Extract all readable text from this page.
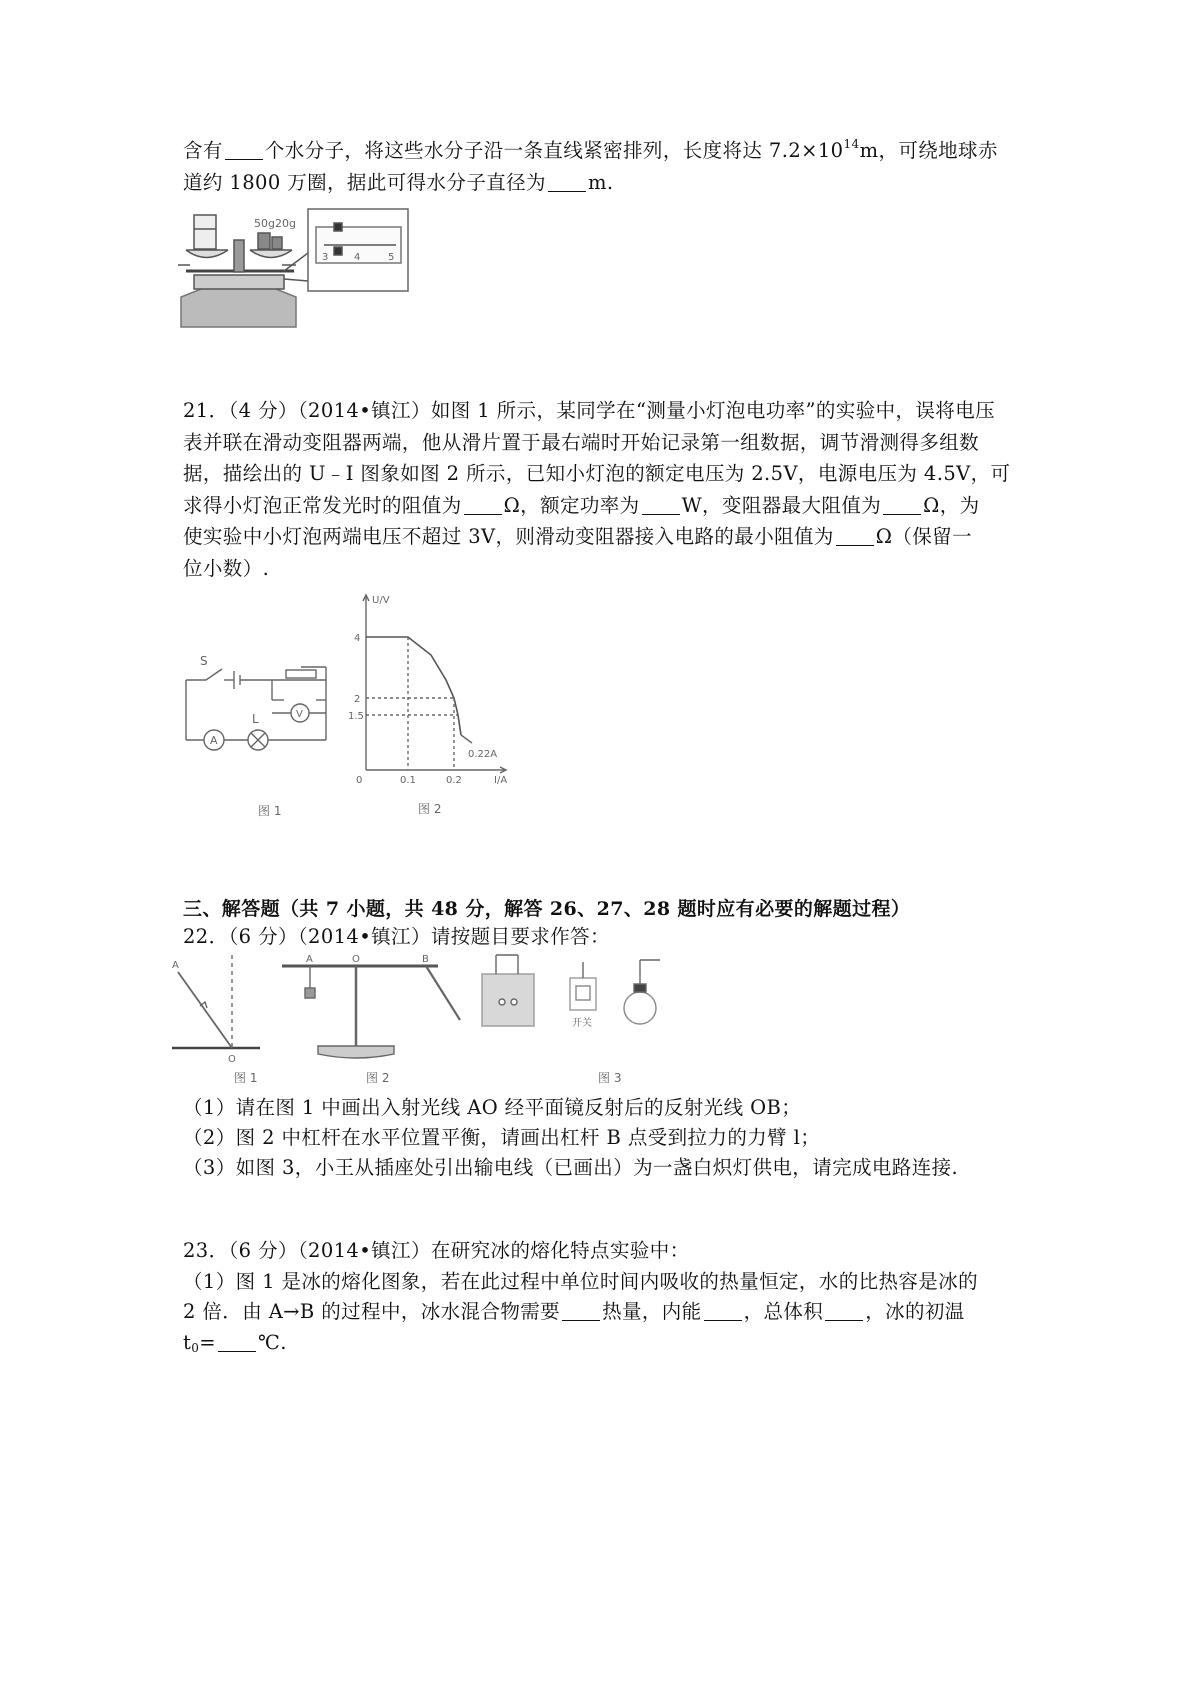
含有 个水分子，将这些水分子沿一条直线紧密排列，长度将达 $7.2\times 10^{14}m$，可绕地球赤
道约 1800 万圈，据此可得水分子直径为 m.

50g20g
3	4	5

21．（4 分）（2014•镇江）如图 1 所示，某同学在“测量小灯泡电功率”的实验中，误将电压
表并联在滑动变阻器两端，他从滑片置于最右端时开始记录第一组数据，调节滑测得多组数
据，描绘出的 U﹣I 图象如图 2 所示，已知小灯泡的额定电压为 2.5V，电源电压为 4.5V，可
求得小灯泡正常发光时的阻值为 Ω，额定功率为 W，变阻器最大阻值为 Ω，为
使实验中小灯泡两端电压不超过 3V，则滑动变阻器接入电路的最小阻值为 Ω（保留一
位小数）.

S
L
A
V
图 1
U/V
I/A
4
2
1.5
0	0.1	0.2
0.22A
图 2

三、解答题（共 7 小题，共 48 分，解答 26、27、28 题时应有必要的解题过程）

22．（6 分）（2014•镇江）请按题目要求作答：

A
O
A	O	B
开关
图 1	图 2	图 3

（1）请在图 1 中画出入射光线 AO 经平面镜反射后的反射光线 OB；
（2）图 2 中杠杆在水平位置平衡，请画出杠杆 B 点受到拉力的力臂 l；
（3）如图 3，小王从插座处引出输电线（已画出）为一盏白炽灯供电，请完成电路连接.

23．（6 分）（2014•镇江）在研究冰的熔化特点实验中：
（1）图 1 是冰的熔化图象，若在此过程中单位时间内吸收的热量恒定，水的比热容是冰的
2 倍．由 A→B 的过程中，冰水混合物需要 热量，内能 ，总体积 ，冰的初温
$t_0=$ ℃.
